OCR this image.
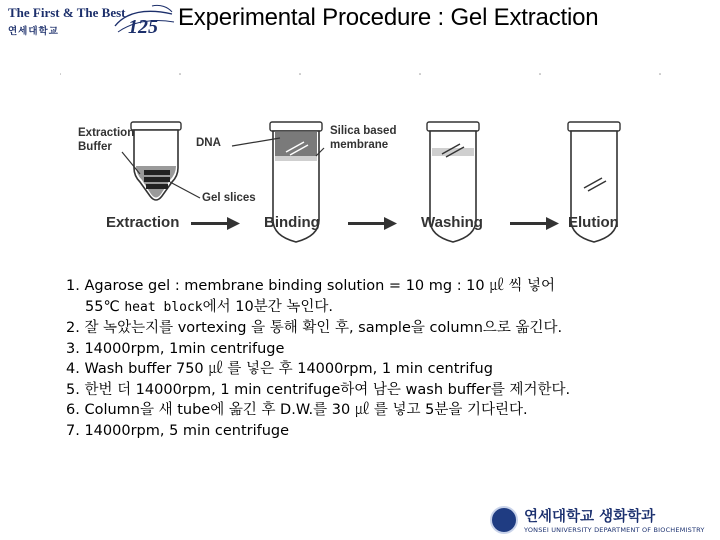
The First & The Best
연세대학교	125 Experimental Procedure : Gel Extraction
Extraction
Buffer	DNA
Silica based
membrane
Gel slices
Extraction	Binding	Washing	Elution
1. Agarose gel : membrane binding solution = 10 mg : 10 ㎕ 씩 넣어
55℃ heat block에서 10분간 녹인다.
2. 잘 녹았는지를 vortexing 을 통해 확인 후, sample을 column으로 옮긴다.
3. 14000rpm, 1min centrifuge
4. Wash buffer 750 ㎕ 를 넣은 후 14000rpm, 1 min centrifug
5. 한번 더 14000rpm, 1 min centrifuge하여 남은 wash buffer를 제거한다.
6. Column을 새 tube에 옮긴 후 D.W.를 30 ㎕ 를 넣고 5분을 기다린다.
7. 14000rpm, 5 min centrifuge
연세대학교 생화학과
YONSEI UNIVERSITY DEPARTMENT OF BIOCHEMISTRY
